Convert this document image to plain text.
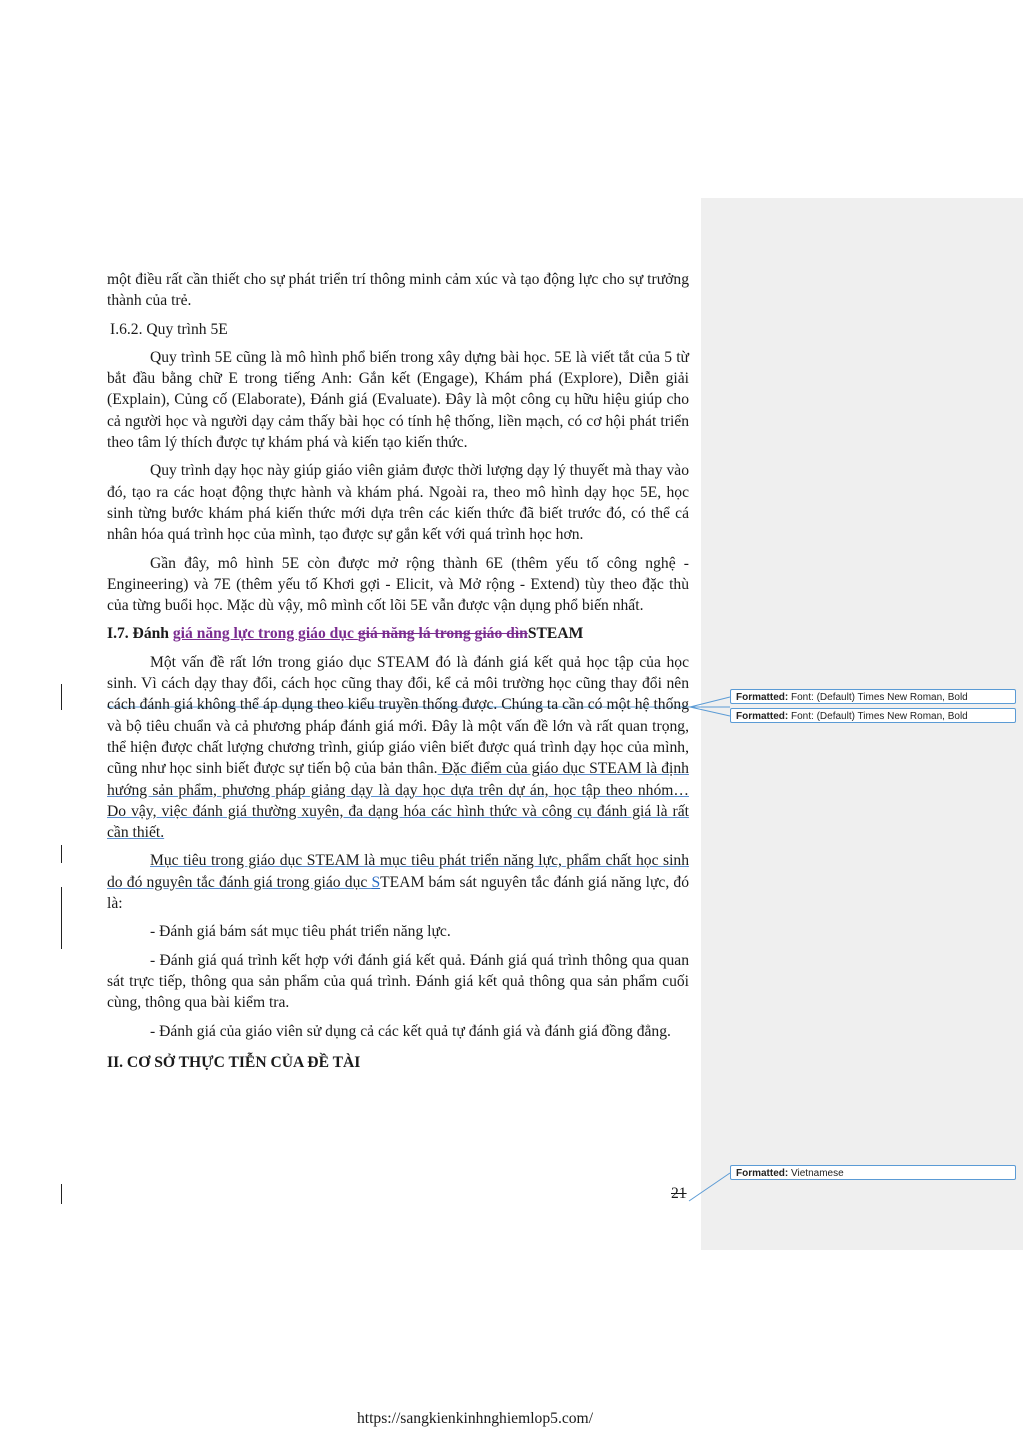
một điều rất cần thiết cho sự phát triển trí thông minh cảm xúc và tạo động lực cho sự trưởng thành của trẻ.

I.6.2. Quy trình 5E

Quy trình 5E cũng là mô hình phổ biến trong xây dựng bài học. 5E là viết tắt của 5 từ bắt đầu bằng chữ E trong tiếng Anh: Gắn kết (Engage), Khám phá (Explore), Diễn giải (Explain), Củng cố (Elaborate), Đánh giá (Evaluate). Đây là một công cụ hữu hiệu giúp cho cả người học và người dạy cảm thấy bài học có tính hệ thống, liền mạch, có cơ hội phát triển theo tâm lý thích được tự khám phá và kiến tạo kiến thức.

Quy trình dạy học này giúp giáo viên giảm được thời lượng dạy lý thuyết mà thay vào đó, tạo ra các hoạt động thực hành và khám phá. Ngoài ra, theo mô hình dạy học 5E, học sinh từng bước khám phá kiến thức mới dựa trên các kiến thức đã biết trước đó, có thể cá nhân hóa quá trình học của mình, tạo được sự gắn kết với quá trình học hơn.

Gần đây, mô hình 5E còn được mở rộng thành 6E (thêm yếu tố công nghệ - Engineering) và 7E (thêm yếu tố Khơi gợi - Elicit, và Mở rộng - Extend) tùy theo đặc thù của từng buổi học. Mặc dù vậy, mô mình cốt lõi 5E vẫn được vận dụng phổ biến nhất.

I.7. Đánh giá năng lực trong giáo dục giá năng lá trong giáo dìnSTEAM

Một vấn đề rất lớn trong giáo dục STEAM đó là đánh giá kết quả học tập của học sinh. Vì cách dạy thay đổi, cách học cũng thay đổi, kể cả môi trường học cũng thay đổi nên cách đánh giá không thể áp dụng theo kiểu truyền thống được. Chúng ta cần có một hệ thống và bộ tiêu chuẩn và cả phương pháp đánh giá mới. Đây là một vấn đề lớn và rất quan trọng, thể hiện được chất lượng chương trình, giúp giáo viên biết được quá trình dạy học của mình, cũng như học sinh biết được sự tiến bộ của bản thân. Đặc điểm của giáo dục STEAM là định hướng sản phẩm, phương pháp giảng dạy là dạy học dựa trên dự án, học tập theo nhóm… Do vậy, việc đánh giá thường xuyên, đa dạng hóa các hình thức và công cụ đánh giá là rất cần thiết.

Mục tiêu trong giáo dục STEAM là mục tiêu phát triển năng lực, phẩm chất học sinh do đó nguyên tắc đánh giá trong giáo dục STEAM bám sát nguyên tắc đánh giá năng lực, đó là:

- Đánh giá bám sát mục tiêu phát triển năng lực.

- Đánh giá quá trình kết hợp với đánh giá kết quả. Đánh giá quá trình thông qua quan sát trực tiếp, thông qua sản phẩm của quá trình. Đánh giá kết quả thông qua sản phẩm cuối cùng, thông qua bài kiểm tra.

- Đánh giá của giáo viên sử dụng cả các kết quả tự đánh giá và đánh giá đồng đẳng.

II. CƠ SỞ THỰC TIỄN CỦA ĐỀ TÀI

Formatted: Font: (Default) Times New Roman, Bold
Formatted: Font: (Default) Times New Roman, Bold
Formatted: Vietnamese
21
https://sangkienkinhnghiemlop5.com/
